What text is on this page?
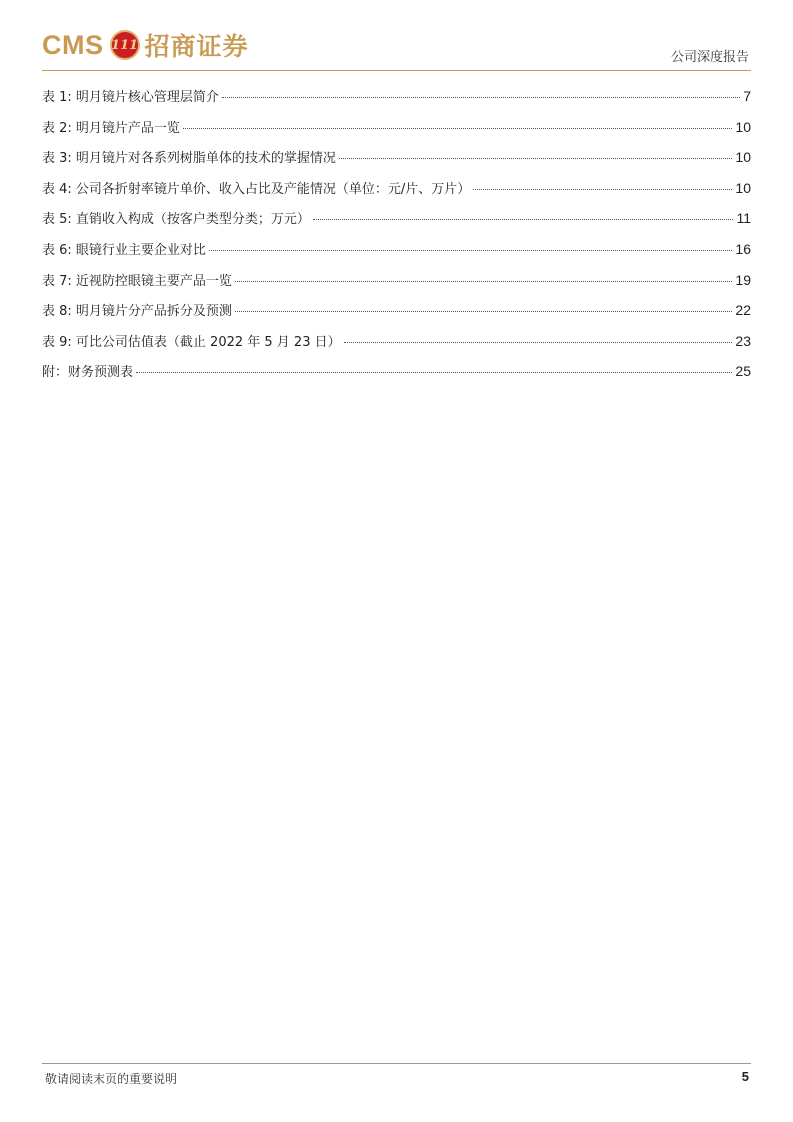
CMS 111 招商证券	公司深度报告
表 1: 明月镜片核心管理层简介	7
表 2: 明月镜片产品一览	10
表 3: 明月镜片对各系列树脂单体的技术的掌握情况	10
表 4: 公司各折射率镜片单价、收入占比及产能情况（单位：元/片、万片）	10
表 5: 直销收入构成（按客户类型分类；万元）	11
表 6: 眼镜行业主要企业对比	16
表 7: 近视防控眼镜主要产品一览	19
表 8: 明月镜片分产品拆分及预测	22
表 9: 可比公司估值表（截止 2022 年 5 月 23 日）	23
附：财务预测表	25
敬请阅读末页的重要说明	5
